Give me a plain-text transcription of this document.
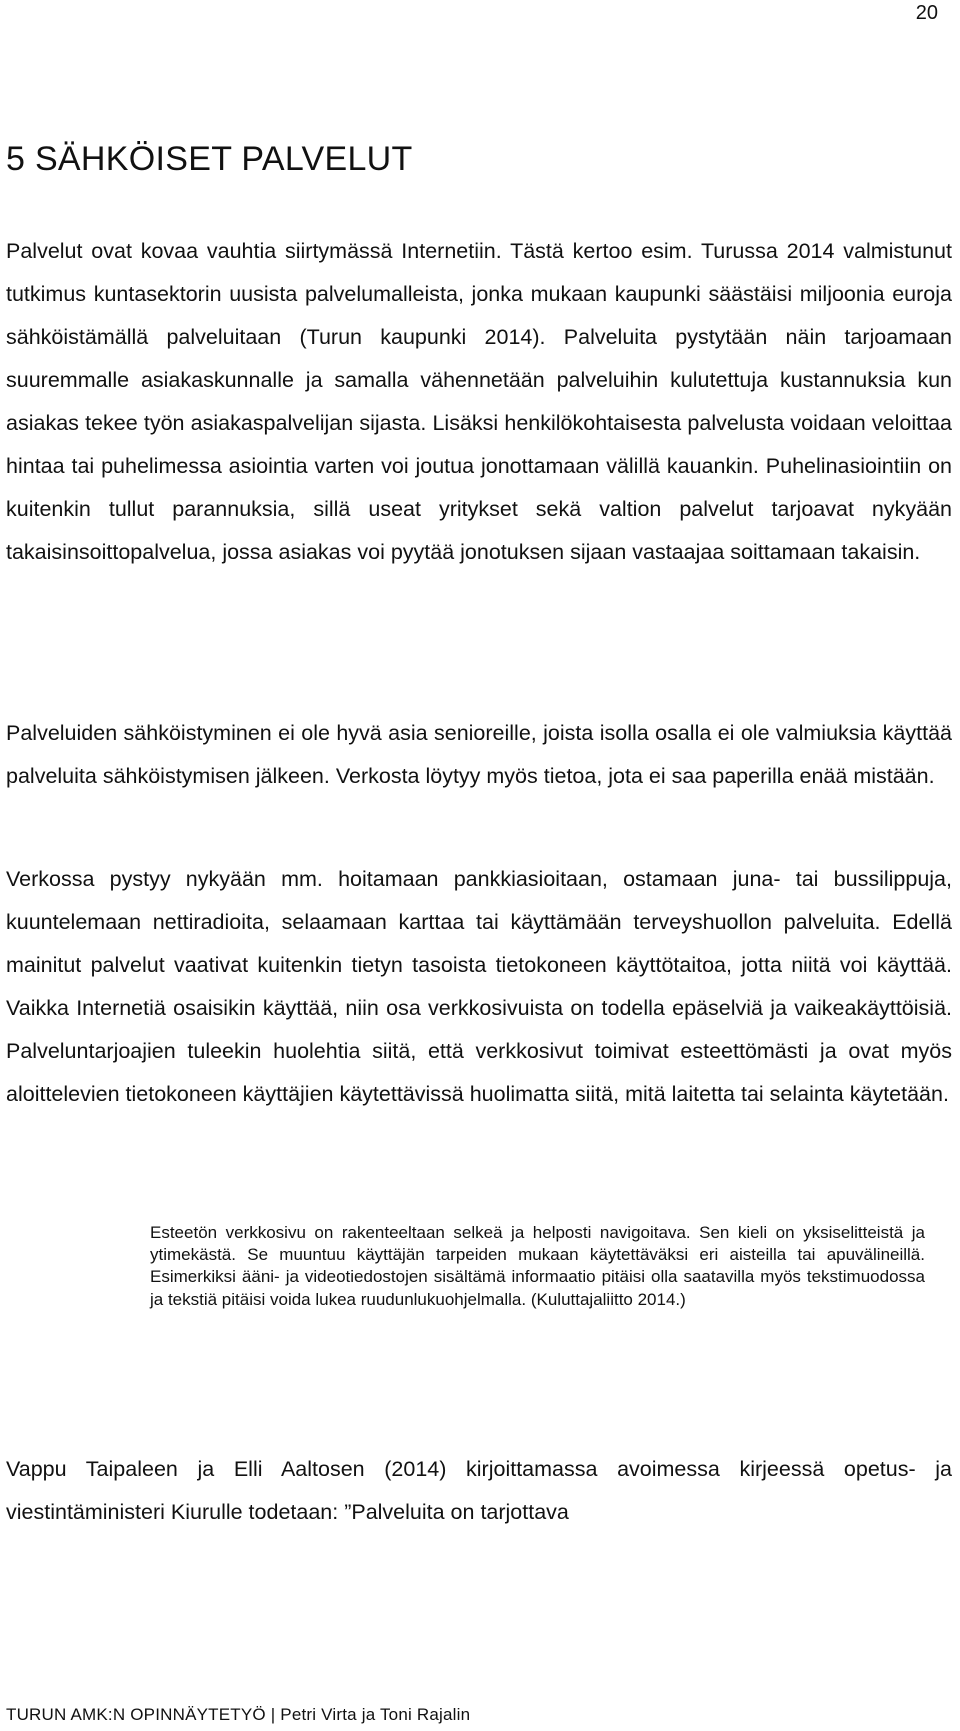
20
5 SÄHKÖISET PALVELUT

Palvelut ovat kovaa vauhtia siirtymässä Internetiin. Tästä kertoo esim. Turussa 2014 valmistunut tutkimus kuntasektorin uusista palvelumalleista, jonka mukaan kaupunki säästäisi miljoonia euroja sähköistämällä palveluitaan (Turun kaupunki 2014). Palveluita pystytään näin tarjoamaan suuremmalle asiakaskunnalle ja samalla vähennetään palveluihin kulutettuja kustannuksia kun asiakas tekee työn asiakaspalvelijan sijasta. Lisäksi henkilökohtaisesta palvelusta voidaan veloittaa hintaa tai puhelimessa asiointia varten voi joutua jonottamaan välillä kauankin. Puhelinasiointiin on kuitenkin tullut parannuksia, sillä useat yritykset sekä valtion palvelut tarjoavat nykyään takaisinsoittopalvelua, jossa asiakas voi pyytää jonotuksen sijaan vastaajaa soittamaan takaisin.

Palveluiden sähköistyminen ei ole hyvä asia senioreille, joista isolla osalla ei ole valmiuksia käyttää palveluita sähköistymisen jälkeen. Verkosta löytyy myös tietoa, jota ei saa paperilla enää mistään.

Verkossa pystyy nykyään mm. hoitamaan pankkiasioitaan, ostamaan juna- tai bussilippuja, kuuntelemaan nettiradioita, selaamaan karttaa tai käyttämään terveyshuollon palveluita. Edellä mainitut palvelut vaativat kuitenkin tietyn tasoista tietokoneen käyttötaitoa, jotta niitä voi käyttää. Vaikka Internetiä osaisikin käyttää, niin osa verkkosivuista on todella epäselviä ja vaikeakäyttöisiä. Palveluntarjoajien tuleekin huolehtia siitä, että verkkosivut toimivat esteettömästi ja ovat myös aloittelevien tietokoneen käyttäjien käytettävissä huolimatta siitä, mitä laitetta tai selainta käytetään.

Esteetön verkkosivu on rakenteeltaan selkeä ja helposti navigoitava. Sen kieli on yksiselitteistä ja ytimekästä. Se muuntuu käyttäjän tarpeiden mukaan käytettäväksi eri aisteilla tai apuvälineillä. Esimerkiksi ääni- ja videotiedostojen sisältämä informaatio pitäisi olla saatavilla myös tekstimuodossa ja tekstiä pitäisi voida lukea ruudunlukuohjelmalla. (Kuluttajaliitto 2014.)

Vappu Taipaleen ja Elli Aaltosen (2014) kirjoittamassa avoimessa kirjeessä opetus- ja viestintäministeri Kiurulle todetaan: ”Palveluita on tarjottava

TURUN AMK:N OPINNÄYTETYÖ | Petri Virta ja Toni Rajalin
